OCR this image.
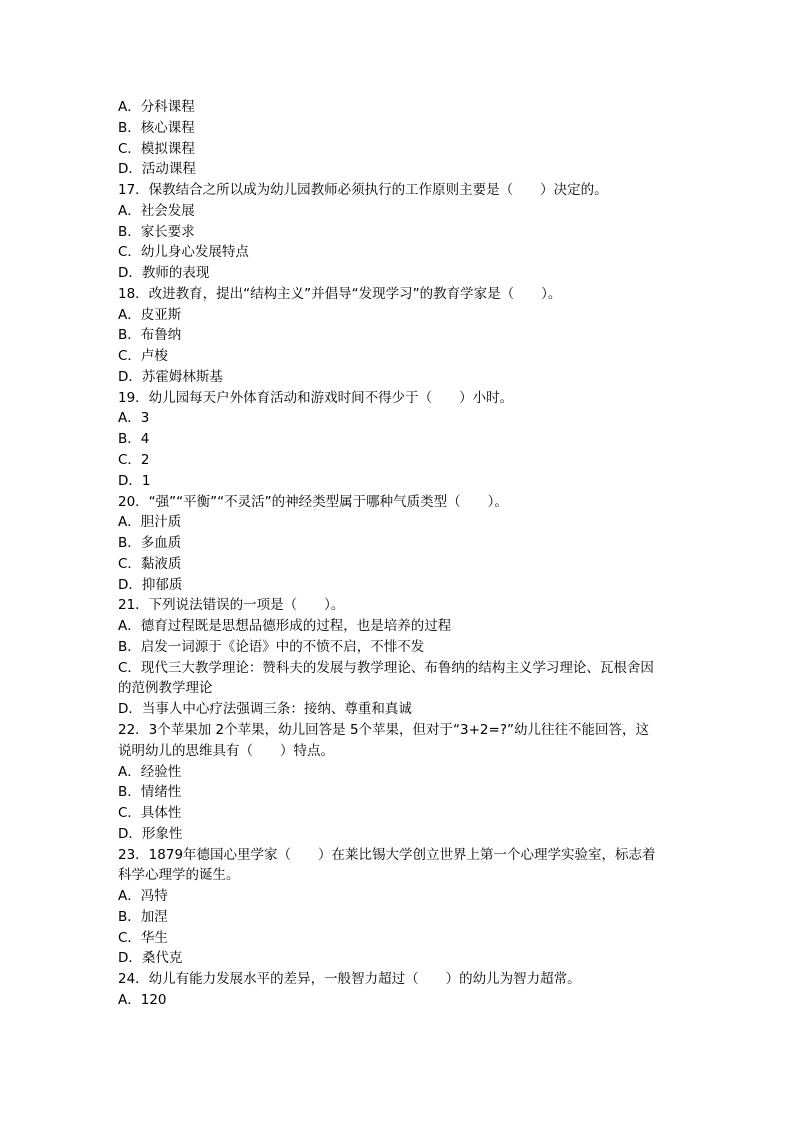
A．分科课程
B．核心课程
C．模拟课程
D．活动课程
17．保教结合之所以成为幼儿园教师必须执行的工作原则主要是（　　）决定的。
A．社会发展
B．家长要求
C．幼儿身心发展特点
D．教师的表现
18．改进教育，提出“结构主义”并倡导“发现学习”的教育学家是（　　）。
A．皮亚斯
B．布鲁纳
C．卢梭
D．苏霍姆林斯基
19．幼儿园每天户外体育活动和游戏时间不得少于（　　）小时。
A．3
B．4
C．2
D．1
20．“强”“平衡”“不灵活”的神经类型属于哪种气质类型（　　）。
A．胆汁质
B．多血质
C．黏液质
D．抑郁质
21．下列说法错误的一项是（　　）。
A．德育过程既是思想品德形成的过程，也是培养的过程
B．启发一词源于《论语》中的不愤不启，不悱不发
C．现代三大教学理论：赞科夫的发展与教学理论、布鲁纳的结构主义学习理论、瓦根舍因
的范例教学理论
D．当事人中心疗法强调三条：接纳、尊重和真诚
22．3个苹果加 2个苹果，幼儿回答是 5个苹果，但对于“3+2=?”幼儿往往不能回答，这
说明幼儿的思维具有（　　）特点。
A．经验性
B．情绪性
C．具体性
D．形象性
23．1879年德国心里学家（　　）在莱比锡大学创立世界上第一个心理学实验室，标志着
科学心理学的诞生。
A．冯特
B．加涅
C．华生
D．桑代克
24．幼儿有能力发展水平的差异，一般智力超过（　　）的幼儿为智力超常。
A．120
